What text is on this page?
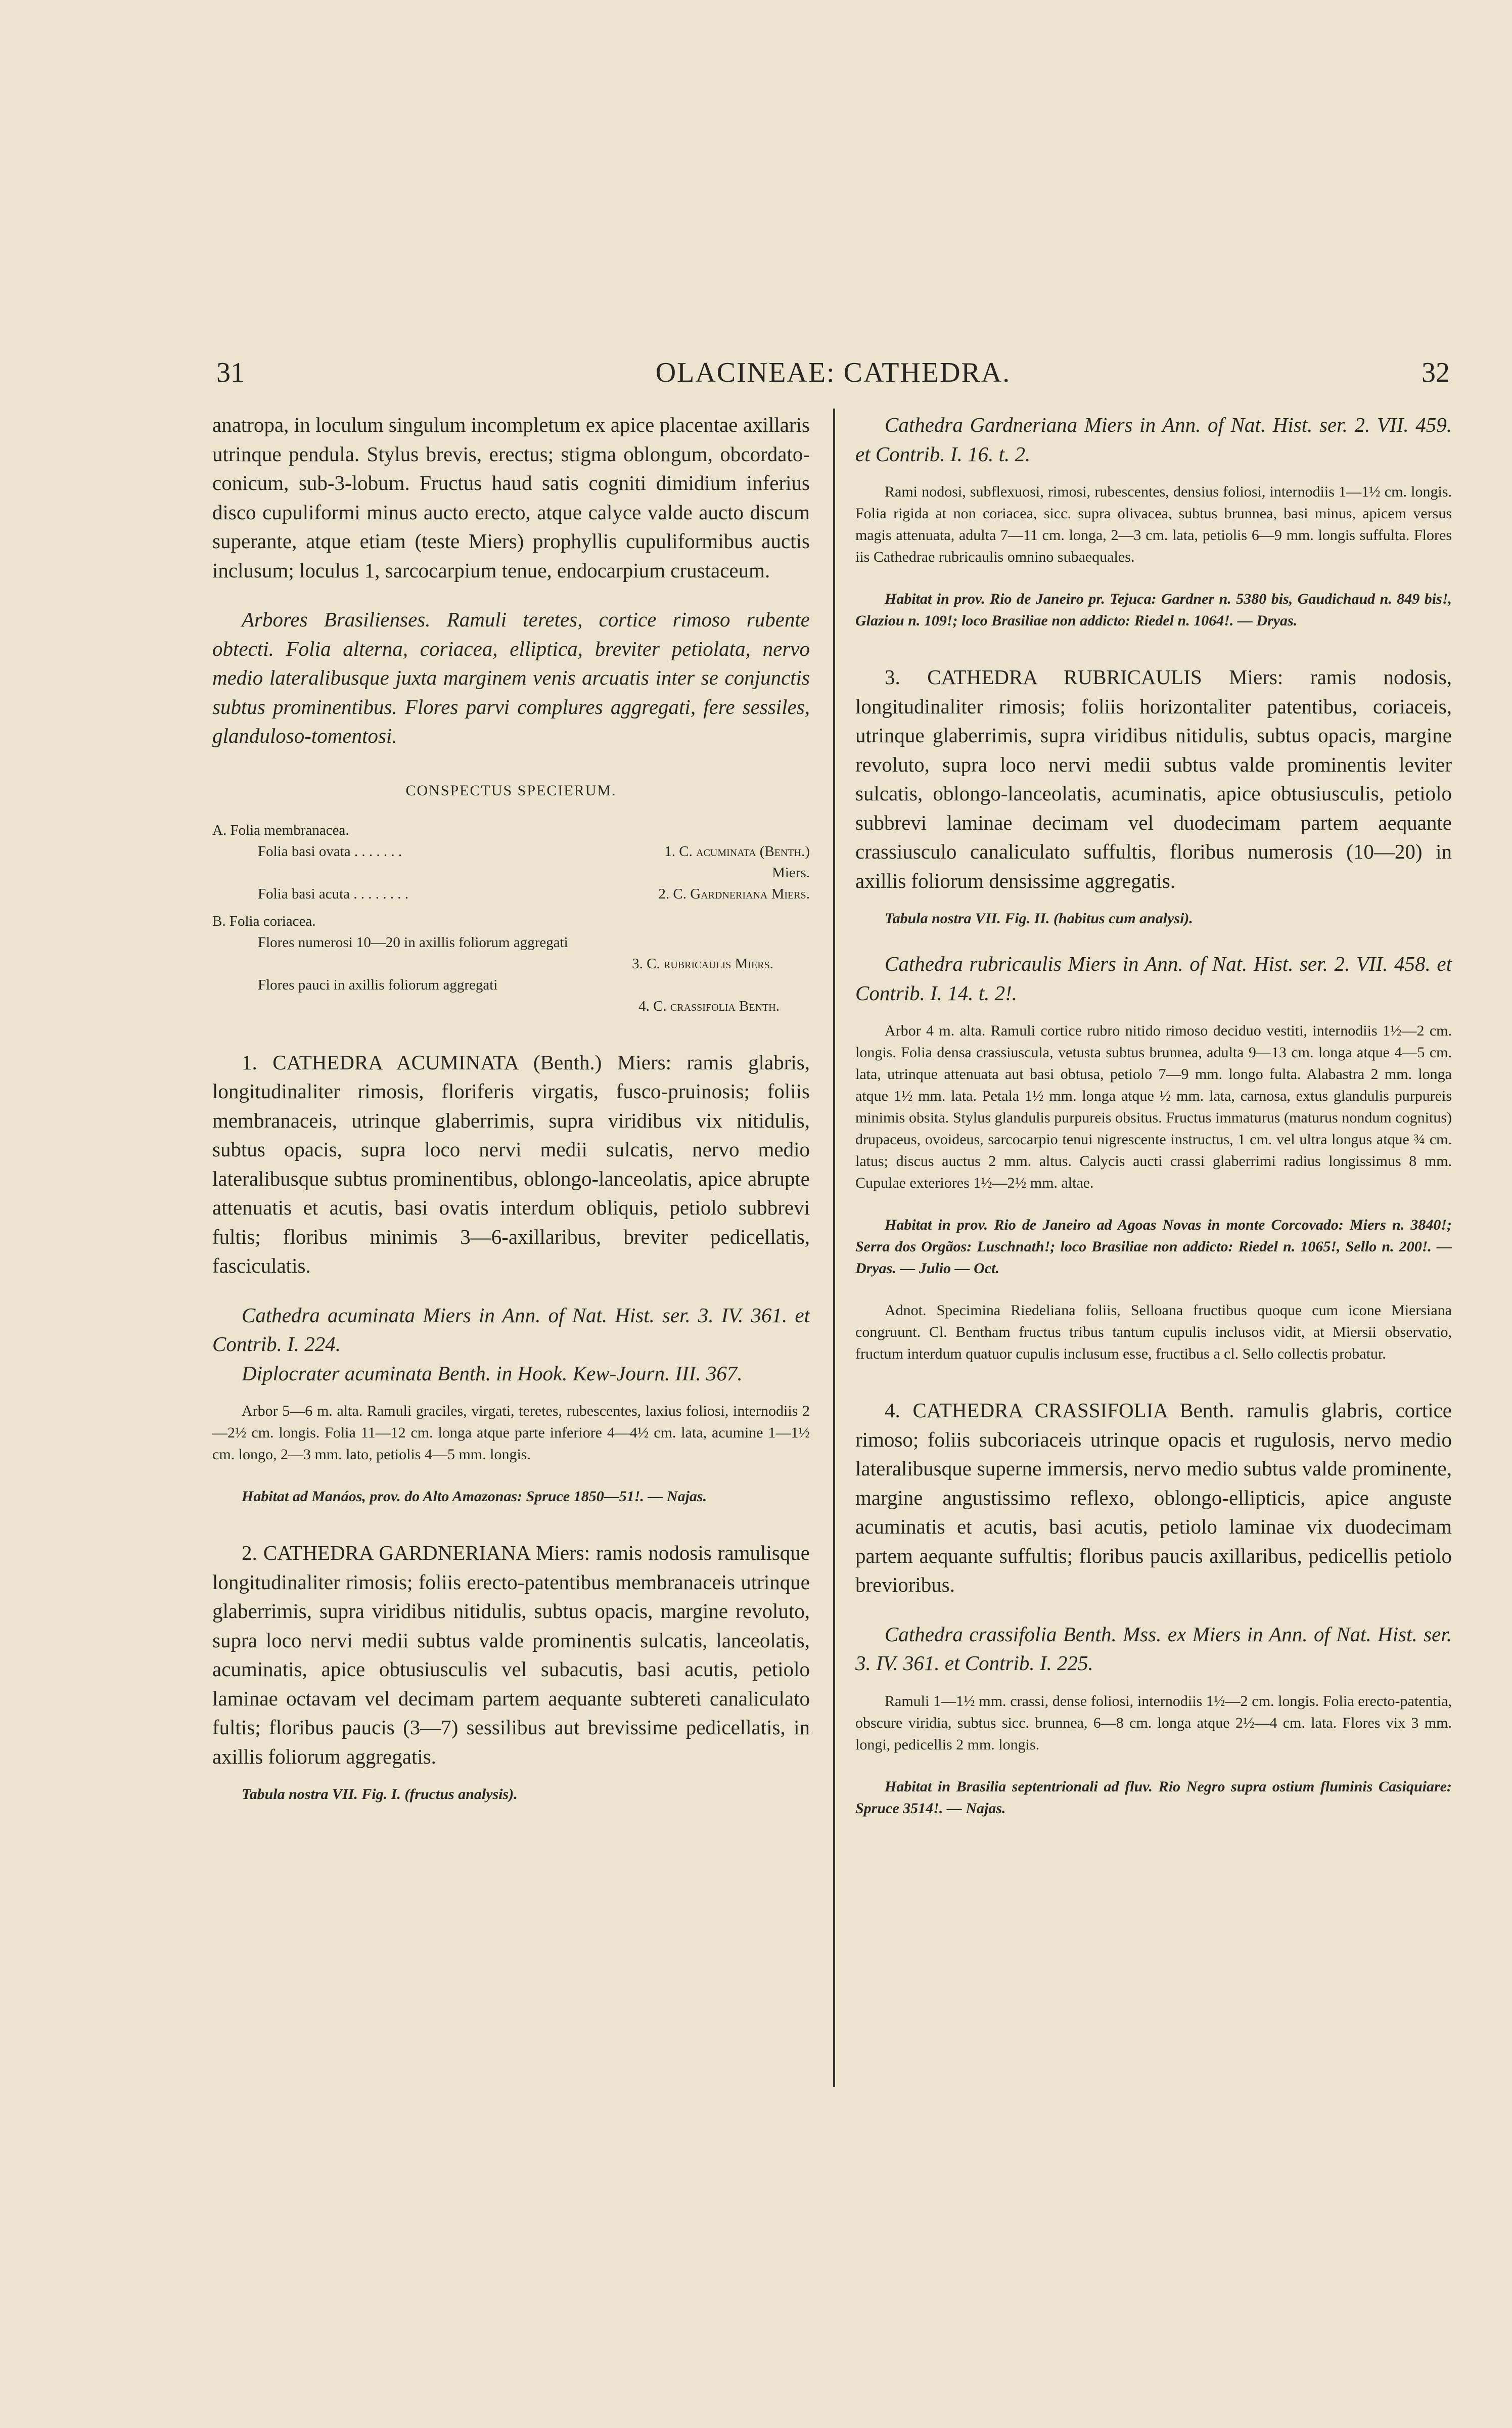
31	OLACINEAE: CATHEDRA.	32

anatropa, in loculum singulum incompletum ex apice placentae axillaris utrinque pendula. Stylus brevis, erectus; stigma oblongum, obcordato-conicum, sub-3-lobum. Fructus haud satis cogniti dimidium inferius disco cupuliformi minus aucto erecto, atque calyce valde aucto discum superante, atque etiam (teste Miers) prophyllis cupuliformibus auctis inclusum; loculus 1, sarcocarpium tenue, endocarpium crustaceum.

Arbores Brasilienses. Ramuli teretes, cortice rimoso rubente obtecti. Folia alterna, coriacea, elliptica, breviter petiolata, nervo medio lateralibusque juxta marginem venis arcuatis inter se conjunctis subtus prominentibus. Flores parvi complures aggregati, fere sessiles, glanduloso-tomentosi.

CONSPECTUS SPECIERUM.

A. Folia membranacea.
Folia basi ovata . . . . . . .	1. C. acuminata (Benth.)
Miers.
Folia basi acuta . . . . . . . .	2. C. Gardneriana Miers.
B. Folia coriacea.
Flores numerosi 10—20 in axillis foliorum aggregati
3. C. rubricaulis Miers.
Flores pauci in axillis foliorum aggregati
4. C. crassifolia Benth.

1. CATHEDRA ACUMINATA (Benth.) Miers: ramis glabris, longitudinaliter rimosis, floriferis virgatis, fusco-pruinosis; foliis membranaceis, utrinque glaberrimis, supra viridibus vix nitidulis, subtus opacis, supra loco nervi medii sulcatis, nervo medio lateralibusque subtus prominentibus, oblongo-lanceolatis, apice abrupte attenuatis et acutis, basi ovatis interdum obliquis, petiolo subbrevi fultis; floribus minimis 3—6-axillaribus, breviter pedicellatis, fasciculatis.

Cathedra acuminata Miers in Ann. of Nat. Hist. ser. 3. IV. 361. et Contrib. I. 224.

Diplocrater acuminata Benth. in Hook. Kew-Journ. III. 367.

Arbor 5—6 m. alta. Ramuli graciles, virgati, teretes, rubescentes, laxius foliosi, internodiis 2—2½ cm. longis. Folia 11—12 cm. longa atque parte inferiore 4—4½ cm. lata, acumine 1—1½ cm. longo, 2—3 mm. lato, petiolis 4—5 mm. longis.

Habitat ad Manáos, prov. do Alto Amazonas: Spruce 1850—51!. — Najas.

2. CATHEDRA GARDNERIANA Miers: ramis nodosis ramulisque longitudinaliter rimosis; foliis erecto-patentibus membranaceis utrinque glaberrimis, supra viridibus nitidulis, subtus opacis, margine revoluto, supra loco nervi medii subtus valde prominentis sulcatis, lanceolatis, acuminatis, apice obtusiusculis vel subacutis, basi acutis, petiolo laminae octavam vel decimam partem aequante subtereti canaliculato fultis; floribus paucis (3—7) sessilibus aut brevissime pedicellatis, in axillis foliorum aggregatis.

Tabula nostra VII. Fig. I. (fructus analysis).

Cathedra Gardneriana Miers in Ann. of Nat. Hist. ser. 2. VII. 459. et Contrib. I. 16. t. 2.

Rami nodosi, subflexuosi, rimosi, rubescentes, densius foliosi, internodiis 1—1½ cm. longis. Folia rigida at non coriacea, sicc. supra olivacea, subtus brunnea, basi minus, apicem versus magis attenuata, adulta 7—11 cm. longa, 2—3 cm. lata, petiolis 6—9 mm. longis suffulta. Flores iis Cathedrae rubricaulis omnino subaequales.

Habitat in prov. Rio de Janeiro pr. Tejuca: Gardner n. 5380 bis, Gaudichaud n. 849 bis!, Glaziou n. 109!; loco Brasiliae non addicto: Riedel n. 1064!. — Dryas.

3. CATHEDRA RUBRICAULIS Miers: ramis nodosis, longitudinaliter rimosis; foliis horizontaliter patentibus, coriaceis, utrinque glaberrimis, supra viridibus nitidulis, subtus opacis, margine revoluto, supra loco nervi medii subtus valde prominentis leviter sulcatis, oblongo-lanceolatis, acuminatis, apice obtusiusculis, petiolo subbrevi laminae decimam vel duodecimam partem aequante crassiusculo canaliculato suffultis, floribus numerosis (10—20) in axillis foliorum densissime aggregatis.

Tabula nostra VII. Fig. II. (habitus cum analysi).

Cathedra rubricaulis Miers in Ann. of Nat. Hist. ser. 2. VII. 458. et Contrib. I. 14. t. 2!.

Arbor 4 m. alta. Ramuli cortice rubro nitido rimoso deciduo vestiti, internodiis 1½—2 cm. longis. Folia densa crassiuscula, vetusta subtus brunnea, adulta 9—13 cm. longa atque 4—5 cm. lata, utrinque attenuata aut basi obtusa, petiolo 7—9 mm. longo fulta. Alabastra 2 mm. longa atque 1½ mm. lata. Petala 1½ mm. longa atque ½ mm. lata, carnosa, extus glandulis purpureis minimis obsita. Stylus glandulis purpureis obsitus. Fructus immaturus (maturus nondum cognitus) drupaceus, ovoideus, sarcocarpio tenui nigrescente instructus, 1 cm. vel ultra longus atque ¾ cm. latus; discus auctus 2 mm. altus. Calycis aucti crassi glaberrimi radius longissimus 8 mm. Cupulae exteriores 1½—2½ mm. altae.

Habitat in prov. Rio de Janeiro ad Agoas Novas in monte Corcovado: Miers n. 3840!; Serra dos Orgãos: Luschnath!; loco Brasiliae non addicto: Riedel n. 1065!, Sello n. 200!. — Dryas. — Julio — Oct.

Adnot. Specimina Riedeliana foliis, Selloana fructibus quoque cum icone Miersiana congruunt. Cl. Bentham fructus tribus tantum cupulis inclusos vidit, at Miersii observatio, fructum interdum quatuor cupulis inclusum esse, fructibus a cl. Sello collectis probatur.

4. CATHEDRA CRASSIFOLIA Benth. ramulis glabris, cortice rimoso; foliis subcoriaceis utrinque opacis et rugulosis, nervo medio lateralibusque superne immersis, nervo medio subtus valde prominente, margine angustissimo reflexo, oblongo-ellipticis, apice anguste acuminatis et acutis, basi acutis, petiolo laminae vix duodecimam partem aequante suffultis; floribus paucis axillaribus, pedicellis petiolo brevioribus.

Cathedra crassifolia Benth. Mss. ex Miers in Ann. of Nat. Hist. ser. 3. IV. 361. et Contrib. I. 225.

Ramuli 1—1½ mm. crassi, dense foliosi, internodiis 1½—2 cm. longis. Folia erecto-patentia, obscure viridia, subtus sicc. brunnea, 6—8 cm. longa atque 2½—4 cm. lata. Flores vix 3 mm. longi, pedicellis 2 mm. longis.

Habitat in Brasilia septentrionali ad fluv. Rio Negro supra ostium fluminis Casiquiare: Spruce 3514!. — Najas.
